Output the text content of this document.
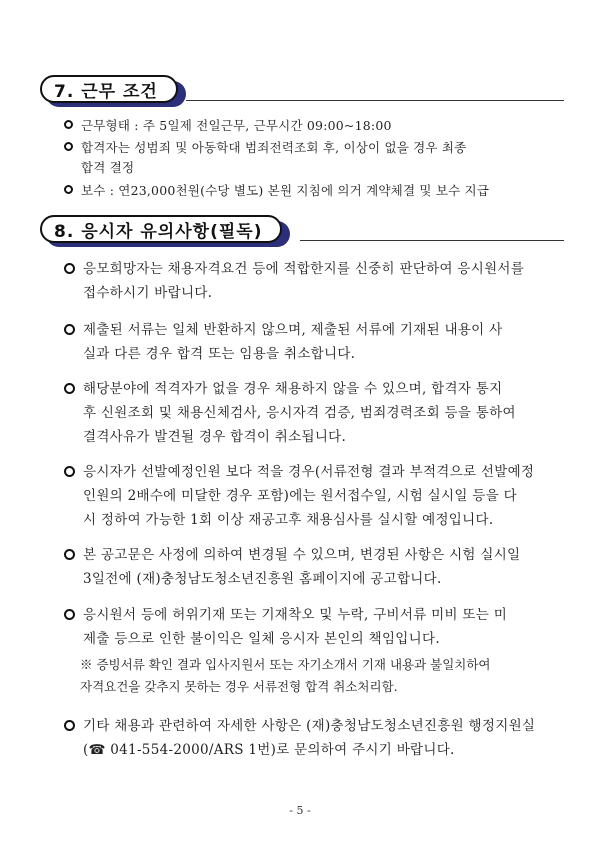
7. 근무 조건
근무형태 : 주 5일제 전일근무, 근무시간 09:00~18:00
합격자는 성범죄 및 아동학대 범죄전력조회 후, 이상이 없을 경우 최종
합격 결정
보수 : 연23,000천원(수당 별도) 본원 지침에 의거 계약체결 및 보수 지급
8. 응시자 유의사항(필독)
응모희망자는 채용자격요건 등에 적합한지를 신중히 판단하여 응시원서를
접수하시기 바랍니다.
제출된 서류는 일체 반환하지 않으며, 제출된 서류에 기재된 내용이 사
실과 다른 경우 합격 또는 임용을 취소합니다.
해당분야에 적격자가 없을 경우 채용하지 않을 수 있으며, 합격자 통지
후 신원조회 및 채용신체검사, 응시자격 검증, 범죄경력조회 등을 통하여
결격사유가 발견될 경우 합격이 취소됩니다.
응시자가 선발예정인원 보다 적을 경우(서류전형 결과 부적격으로 선발예정
인원의 2배수에 미달한 경우 포함)에는 원서접수일, 시험 실시일 등을 다
시 정하여 가능한 1회 이상 재공고후 채용심사를 실시할 예정입니다.
본 공고문은 사정에 의하여 변경될 수 있으며, 변경된 사항은 시험 실시일
3일전에 (재)충청남도청소년진흥원 홈페이지에 공고합니다.
응시원서 등에 허위기재 또는 기재착오 및 누락, 구비서류 미비 또는 미
제출 등으로 인한 불이익은 일체 응시자 본인의 책임입니다.
※ 증빙서류 확인 결과 입사지원서 또는 자기소개서 기재 내용과 불일치하여
자격요건을 갖추지 못하는 경우 서류전형 합격 취소처리함.
기타 채용과 관련하여 자세한 사항은 (재)충청남도청소년진흥원 행정지원실
(☎ 041-554-2000/ARS 1번)로 문의하여 주시기 바랍니다.
- 5 -
